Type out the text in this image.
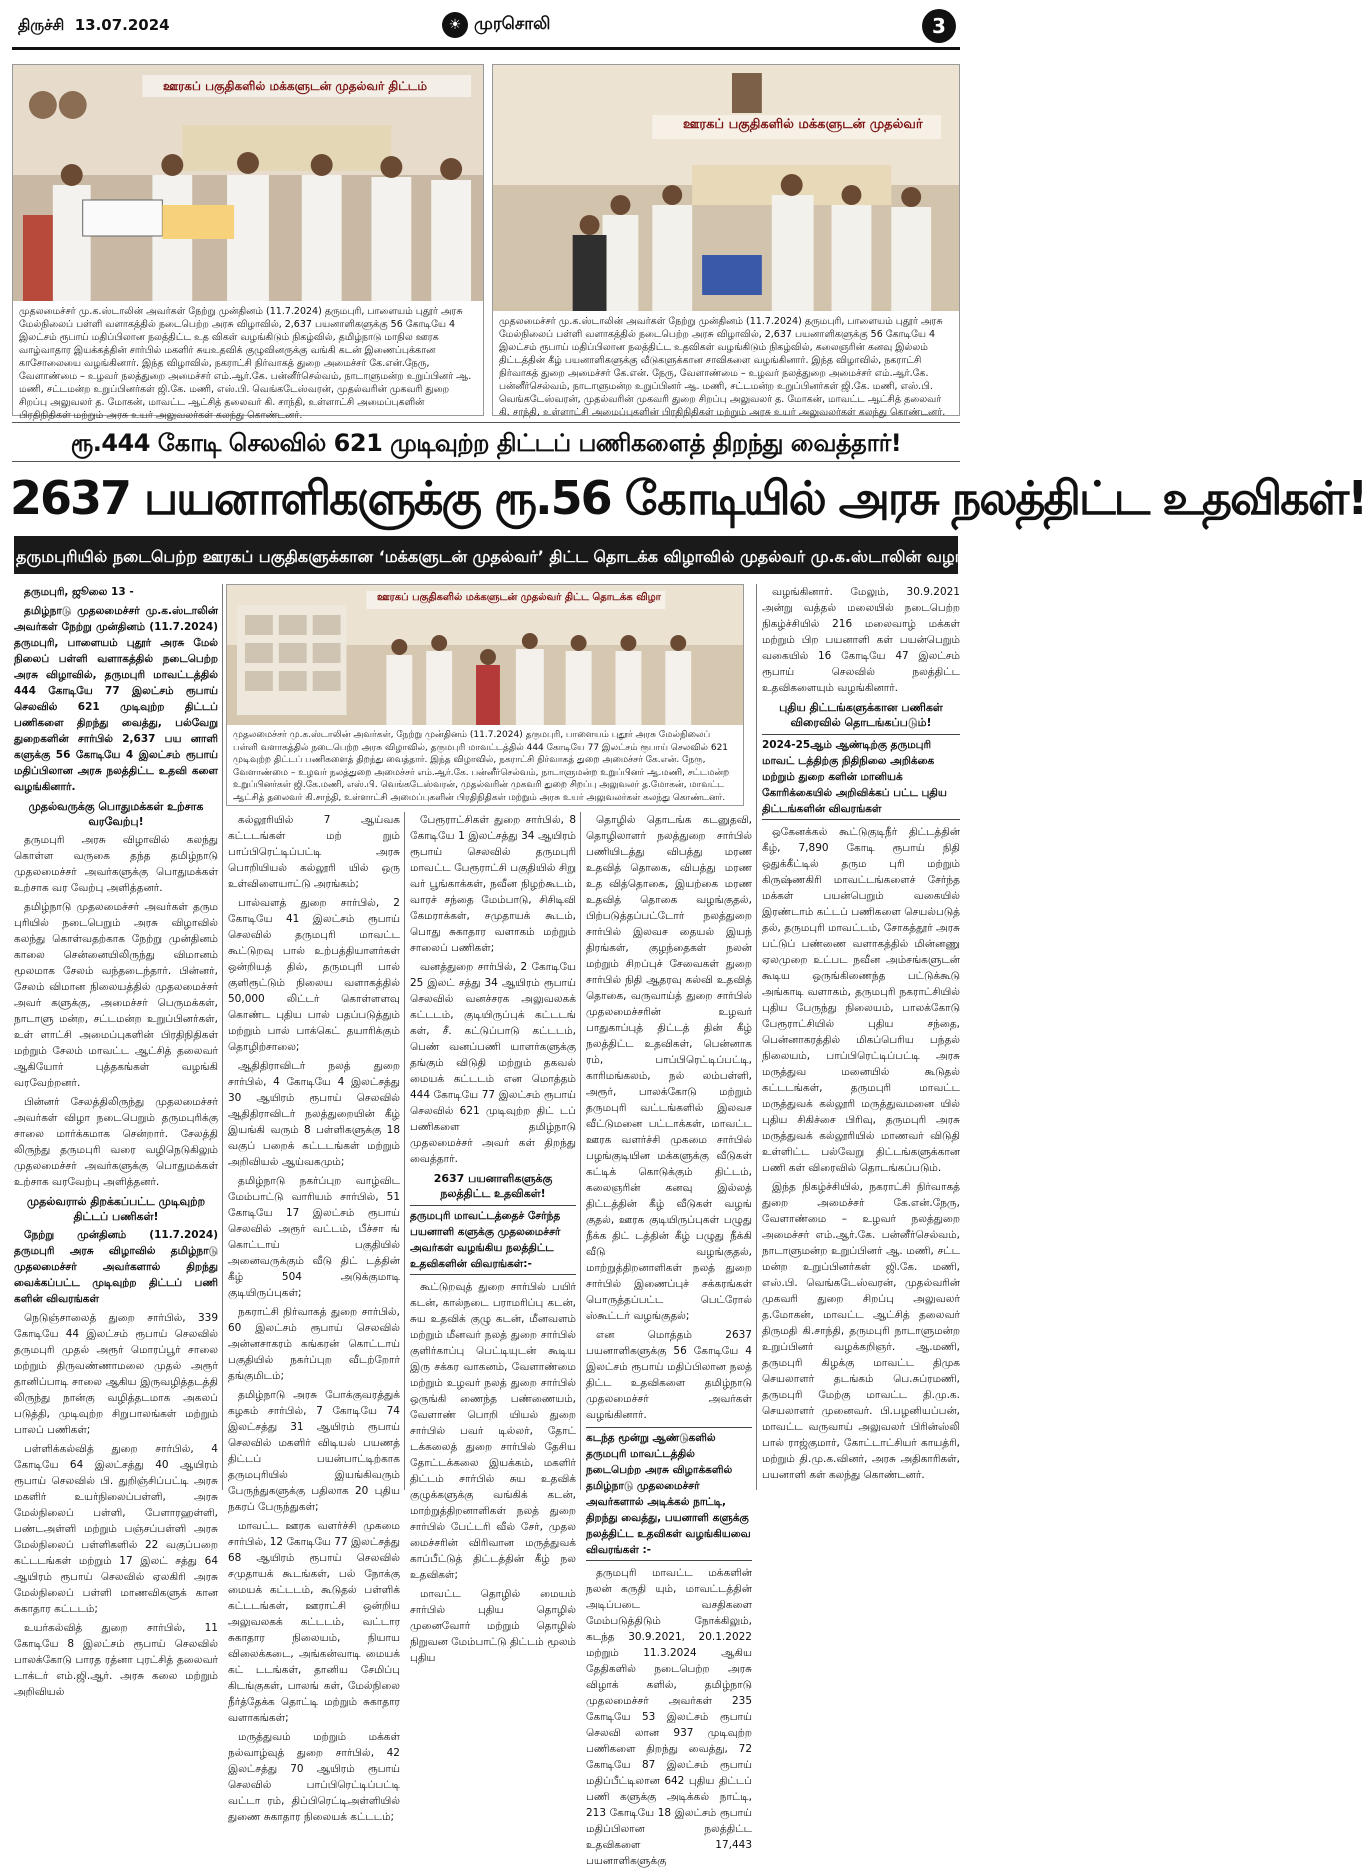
திருச்சி 13.07.2024	☀ முரசொலி	3
ஊரகப் பகுதிகளில் மக்களுடன் முதல்வர் திட்டம்
முதலமைச்சர் மு.க.ஸ்டாலின் அவர்கள் நேற்று முன்தினம் (11.7.2024) தருமபுரி, பாளையம் புதூர் அரசு மேல்நிலைப் பள்ளி வளாகத்தில் நடைபெற்ற அரசு விழாவில், 2,637 பயனாளிகளுக்கு 56 கோடியே 4 இலட்சம் ரூபாய் மதிப்பிலான நலத்திட்ட உத விகள் வழங்கிடும் நிகழ்வில், தமிழ்நாடு மாநில ஊரக வாழ்வாதார இயக்கத்தின் சார்பில் மகளிர் சுயஉதவிக் குழுவினருக்கு வங்கி கடன் இணைப்புக்கான காசோலையை வழங்கினார். இந்த விழாவில், நகராட்சி நிர்வாகத் துறை அமைச்சர் கே.என்.நேரு, வேளாண்மை – உழவர் நலத்துறை அமைச்சர் எம்.ஆர்.கே. பன்னீர்செல்வம், நாடாளுமன்ற உறுப்பினர் ஆ. மணி, சட்டமன்ற உறுப்பினர்கள் ஜி.கே. மணி, எஸ்.பி. வெங்கடேஸ்வரன், முதல்வரின் முகவரி துறை சிறப்பு அலுவலர் த. மோகன், மாவட்ட ஆட்சித் தலைவர் கி. சாந்தி, உள்ளாட்சி அமைப்புகளின் பிரதிநிதிகள் மற்றும் அரசு உயர் அலுவலர்கள் கலந்து கொண்டனர்.
ஊரகப் பகுதிகளில் மக்களுடன் முதல்வர்
முதலமைச்சர் மு.க.ஸ்டாலின் அவர்கள் நேற்று முன்தினம் (11.7.2024) தருமபுரி, பாளையம் புதூர் அரசு மேல்நிலைப் பள்ளி வளாகத்தில் நடைபெற்ற அரசு விழாவில், 2,637 பயனாளிகளுக்கு 56 கோடியே 4 இலட்சம் ரூபாய் மதிப்பிலான நலத்திட்ட உதவிகள் வழங்கிடும் நிகழ்வில், கலைஞரின் கனவு இல்லம் திட்டத்தின் கீழ் பயனாளிகளுக்கு வீடுகளுக்கான சாவிகளை வழங்கினார். இந்த விழாவில், நகராட்சி நிர்வாகத் துறை அமைச்சர் கே.என். நேரு, வேளாண்மை – உழவர் நலத்துறை அமைச்சர் எம்.ஆர்.கே. பன்னீர்செல்வம், நாடாளுமன்ற உறுப்பினர் ஆ. மணி, சட்டமன்ற உறுப்பினர்கள் ஜி.கே. மணி, எஸ்.பி. வெங்கடேஸ்வரன், முதல்வரின் முகவரி துறை சிறப்பு அலுவலர் த. மோகன், மாவட்ட ஆட்சித் தலைவர் கி. சாந்தி, உள்ளாட்சி அமைப்புகளின் பிரதிநிதிகள் மற்றும் அரசு உயர் அலுவலர்கள் கலந்து கொண்டனர்.
ரூ.444 கோடி செலவில் 621 முடிவுற்ற திட்டப் பணிகளைத் திறந்து வைத்தார்!
2637 பயனாளிகளுக்கு ரூ.56 கோடியில் அரசு நலத்திட்ட உதவிகள்!
தருமபுரியில் நடைபெற்ற ஊரகப் பகுதிகளுக்கான ‘மக்களுடன் முதல்வர்’ திட்ட தொடக்க விழாவில் முதல்வர் மு.க.ஸ்டாலின் வழங்கினார்!
ஊரகப் பகுதிகளில் மக்களுடன் முதல்வர் திட்ட தொடக்க விழா
முதலமைச்சர் மு.க.ஸ்டாலின் அவர்கள், நேற்று முன்தினம் (11.7.2024) தருமபுரி, பாளையம் புதூர் அரசு மேல்நிலைப் பள்ளி வளாகத்தில் நடைபெற்ற அரசு விழாவில், தருமபுரி மாவட்டத்தில் 444 கோடியே 77 இலட்சம் ரூபாய் செலவில் 621 முடிவுற்ற திட்டப் பணிகளைத் திறந்து வைத்தார். இந்த விழாவில், நகராட்சி நிர்வாகத் துறை அமைச்சர் கே.என். நேரு, வேளாண்மை – உழவர் நலத்துறை அமைச்சர் எம்.ஆர்.கே. பன்னீர்செல்வம், நாடாளுமன்ற உறுப்பினர் ஆ.மணி, சட்டமன்ற உறுப்பினர்கள் ஜி.கே.மணி, எஸ்.பி. வெங்கடேஸ்வரன், முதல்வரின் முகவரி துறை சிறப்பு அலுவலர் த.மோகன், மாவட்ட ஆட்சித் தலைவர் கி.சாந்தி, உள்ளாட்சி அமைப்புகளின் பிரதிநிதிகள் மற்றும் அரசு உயர் அலுவலர்கள் கலந்து கொண்டனர்.

தருமபுரி, ஜூலை 13 -

தமிழ்நாடு முதலமைச்சர் மு.க.ஸ்டாலின் அவர்கள் நேற்று முன்தினம் (11.7.2024) தருமபுரி, பாளையம் புதூர் அரசு மேல் நிலைப் பள்ளி வளாகத்தில் நடைபெற்ற அரசு விழாவில், தருமபுரி மாவட்டத்தில் 444 கோடியே 77 இலட்சம் ரூபாய் செலவில் 621 முடிவுற்ற திட்டப் பணிகளை திறந்து வைத்து, பல்வேறு துறைகளின் சார்பில் 2,637 பய னாளி களுக்கு 56 கோடியே 4 இலட்சம் ரூபாய் மதிப்பிலான அரசு நலத்திட்ட உதவி களை வழங்கினார்.

முதல்வருக்கு பொதுமக்கள் உற்சாக வரவேற்பு!

தருமபுரி அரசு விழாவில் கலந்து கொள்ள வருகை தந்த தமிழ்நாடு முதலமைச்சர் அவர்களுக்கு பொதுமக்கள் உற்சாக வர வேற்பு அளித்தனர்.

தமிழ்நாடு முதலமைச்சர் அவர்கள் தரும புரியில் நடைபெறும் அரசு விழாவில் கலந்து கொள்வதற்காக நேற்று முன்தினம் காலை சென்னையிலிருந்து விமானம் மூலமாக சேலம் வந்தடைந்தார். பின்னர், சேலம் விமான நிலையத்தில் முதலமைச்சர் அவர் களுக்கு, அமைச்சர் பெருமக்கள், நாடாளு மன்ற, சட்டமன்ற உறுப்பினர்கள், உள் ளாட்சி அமைப்புகளின் பிரதிநிதிகள் மற்றும் சேலம் மாவட்ட ஆட்சித் தலைவர் ஆகியோர் புத்தகங்கள் வழங்கி வரவேற்றனர்.

பின்னர் சேலத்திலிருந்து முதலமைச்சர் அவர்கள் விழா நடைபெறும் தருமபுரிக்கு சாலை மார்க்கமாக சென்றார். சேலத்தி லிருந்து தருமபுரி வரை வழிநெடுகிலும் முதலமைச்சர் அவர்களுக்கு பொதுமக்கள் உற்சாக வரவேற்பு அளித்தனர்.

முதல்வரால் திறக்கப்பட்ட முடிவுற்ற திட்டப் பணிகள்!

நேற்று முன்தினம் (11.7.2024) தருமபுரி அரசு விழாவில் தமிழ்நாடு முதலமைச்சர் அவர்களால் திறந்து வைக்கப்பட்ட முடிவுற்ற திட்டப் பணி களின் விவரங்கள்

நெடுஞ்சாலைத் துறை சார்பில், 339 கோடியே 44 இலட்சம் ரூபாய் செலவில் தருமபுரி முதல் அரூர் மொரப்பூர் சாலை மற்றும் திருவண்ணாமலை முதல் அரூர் தானிப்பாடி சாலை ஆகிய இருவழித்தடத்தி லிருந்து நான்கு வழித்தடமாக அகலப் படுத்தி, முடிவுற்ற சிறுபாலங்கள் மற்றும் பாலப் பணிகள்;

பள்ளிக்கல்வித் துறை சார்பில், 4 கோடியே 64 இலட்சத்து 40 ஆயிரம் ரூபாய் செலவில் பி. துறிஞ்சிப்பட்டி அரசு மகளிர் உயர்நிலைப்பள்ளி, அரசு மேல்நிலைப் பள்ளி, பேளாரஹள்ளி, பண்டஅள்ளி மற்றும் பஞ்சப்பள்ளி அரசு மேல்நிலைப் பள்ளிகளில் 22 வகுப்பறை கட்டடங்கள் மற்றும் 17 இலட் சத்து 64 ஆயிரம் ரூபாய் செலவில் ஏலகிரி அரசு மேல்நிலைப் பள்ளி மாணவிகளுக் கான சுகாதார கட்டடம்;

உயர்கல்வித் துறை சார்பில், 11 கோடியே 8 இலட்சம் ரூபாய் செலவில் பாலக்கோடு பாரத ரத்னா புரட்சித் தலைவர் டாக்டர் எம்.ஜி.ஆர். அரசு கலை மற்றும் அறிவியல்

கல்லூரியில் 7 ஆய்வக கட்டடங்கள் மற் றும் பாப்பிரெட்டிப்பட்டி அரசு பொறியியல் கல்லூரி யில் ஒரு உள்விளையாட்டு அரங்கம்;

பால்வளத் துறை சார்பில், 2 கோடியே 41 இலட்சம் ரூபாய் செலவில் தருமபுரி மாவட்ட கூட்டுறவு பால் உற்பத்தியாளர்கள் ஒன்றியத் தில், தருமபுரி பால் குளிரூட்டும் நிலைய வளாகத்தில் 50,000 லிட்டர் கொள்ளளவு கொண்ட புதிய பால் பதப்படுத்தும் மற்றும் பால் பாக்கெட் தயாரிக்கும் தொழிற்சாலை;

ஆதிதிராவிடர் நலத் துறை சார்பில், 4 கோடியே 4 இலட்சத்து 30 ஆயிரம் ரூபாய் செலவில் ஆதிதிராவிடர் நலத்துறையின் கீழ் இயங்கி வரும் 8 பள்ளிகளுக்கு 18 வகுப் பறைக் கட்டடங்கள் மற்றும் அறிவியல் ஆய்வகமும்;

தமிழ்நாடு நகர்ப்புற வாழ்விட மேம்பாட்டு வாரியம் சார்பில், 51 கோடியே 17 இலட்சம் ரூபாய் செலவில் அரூர் வட்டம், பீச்சா ங் கொட்டாய் பகுதியில் அனைவருக்கும் வீடு திட் டத்தின் கீழ் 504 அடுக்குமாடி குடியிருப்புகள்;

நகராட்சி நிர்வாகத் துறை சார்பில், 60 இலட்சம் ரூபாய் செலவில் அன்னசாகரம் கங்கரன் கொட்டாய் பகுதியில் நகர்ப்புற வீடற்றோர் தங்குமிடம்;

தமிழ்நாடு அரசு போக்குவரத்துக் கழகம் சார்பில், 7 கோடியே 74 இலட்சத்து 31 ஆயிரம் ரூபாய் செலவில் மகளிர் விடியல் பயணத் திட்டப் பயன்பாட்டிற்காக தருமபுரியில் இயங்கிவரும் பேருந்துகளுக்கு பதிலாக 20 புதிய நகரப் பேருந்துகள்;

மாவட்ட ஊரக வளர்ச்சி முகமை சார்பில், 12 கோடியே 77 இலட்சத்து 68 ஆயிரம் ரூபாய் செலவில் சமுதாயக் கூடங்கள், பல் நோக்கு மையக் கட்டடம், கூடுதல் பள்ளிக் கட்டடங்கள், ஊராட்சி ஒன்றிய அலுவலகக் கட்டடம், வட்டார சுகாதார நிலையம், நியாய விலைக்கடை, அங்கன்வாடி மையக் கட் டடங்கள், தானிய சேமிப்பு கிடங்குகள், பாலங் கள், மேல்நிலை நீர்த்தேக்க தொட்டி மற்றும் சுகாதார வளாகங்கள்;

மருத்துவம் மற்றும் மக்கள் நல்வாழ்வுத் துறை சார்பில், 42 இலட்சத்து 70 ஆயிரம் ரூபாய் செலவில் பாப்பிரெட்டிப்பட்டி வட்டா ரம், திப்பிரெட்டிஅள்ளியில் துணை சுகாதார நிலையக் கட்டடம்;

பேரூராட்சிகள் துறை சார்பில், 8 கோடியே 1 இலட்சத்து 34 ஆயிரம் ரூபாய் செலவில் தருமபுரி மாவட்ட பேரூராட்சி பகுதியில் சிறு வர் பூங்காக்கள், நவீன நிழற்கூடம், வாரச் சந்தை மேம்பாடு, சிசிடிவி கேமராக்கள், சமுதாயக் கூடம், பொது சுகாதார வளாகம் மற்றும் சாலைப் பணிகள்;

வனத்துறை சார்பில், 2 கோடியே 25 இலட் சத்து 34 ஆயிரம் ரூபாய் செலவில் வனச்சரக அலுவலகக் கட்டடம், குடியிருப்புக் கட்டடங் கள், சீ. கட்டுப்பாடு கட்டடம், பெண் வனப்பணி யாளர்களுக்கு தங்கும் விடுதி மற்றும் தகவல் மையக் கட்டடம் என மொத்தம் 444 கோடியே 77 இலட்சம் ரூபாய் செலவில் 621 முடிவுற்ற திட் டப் பணிகளை தமிழ்நாடு முதலமைச்சர் அவர் கள் திறந்து வைத்தார்.

2637 பயனாளிகளுக்கு நலத்திட்ட உதவிகள்!
தருமபுரி மாவட்டத்தைச் சேர்ந்த பயனாளி களுக்கு முதலமைச்சர் அவர்கள் வழங்கிய நலத்திட்ட உதவிகளின் விவரங்கள்:-

கூட்டுறவுத் துறை சார்பில் பயிர் கடன், கால்நடை பராமரிப்பு கடன், சுய உதவிக் குழு கடன், மீனவளம் மற்றும் மீனவர் நலத் துறை சார்பில் குளிர்காப்பு பெட்டியுடன் கூடிய இரு சக்கர வாகனம், வேளாண்மை மற்றும் உழவர் நலத் துறை சார்பில் ஒருங்கி ணைந்த பண்ணையம், வேளாண் பொறி யியல் துறை சார்பில் பவர் டில்லர், தோட் டக்கலைத் துறை சார்பில் தேசிய தோட்டக்கலை இயக்கம், மகளிர் திட்டம் சார்பில் சுய உதவிக் குழுக்களுக்கு வங்கிக் கடன், மாற்றுத்திறனாளிகள் நலத் துறை சார்பில் பேட்டரி வீல் சேர், முதல மைச்சரின் விரிவான மருத்துவக் காப்பீட்டுத் திட்டத்தின் கீழ் நல உதவிகள்;

மாவட்ட தொழில் மையம் சார்பில் புதிய தொழில் முனைவோர் மற்றும் தொழில் நிறுவன மேம்பாட்டு திட்டம் மூலம் புதிய

தொழில் தொடங்க கடனுதவி, தொழிலாளர் நலத்துறை சார்பில் பணியிடத்து விபத்து மரண உதவித் தொகை, விபத்து மரண உத வித்தொகை, இயற்கை மரண உதவித் தொகை வழங்குதல், பிற்படுத்தப்பட்டோர் நலத்துறை சார்பில் இலவச தையல் இயந் திரங்கள், குழந்தைகள் நலன் மற்றும் சிறப்புச் சேவைகள் துறை சார்பில் நிதி ஆதரவு கல்வி உதவித் தொகை, வருவாய்த் துறை சார்பில் முதலமைச்சரின் உழவர் பாதுகாப்புத் திட்டத் தின் கீழ் நலத்திட்ட உதவிகள், பென்னாக ரம், பாப்பிரெட்டிப்பட்டி, காரிமங்கலம், நல் லம்பள்ளி, அரூர், பாலக்கோடு மற்றும் தருமபுரி வட்டங்களில் இலவச வீட்டுமனை பட்டாக்கள், மாவட்ட ஊரக வளர்ச்சி முகமை சார்பில் பழங்குடியின மக்களுக்கு வீடுகள் கட்டிக் கொடுக்கும் திட்டம், கலைஞரின் கனவு இல்லத் திட்டத்தின் கீழ் வீடுகள் வழங் குதல், ஊரக குடியிருப்புகள் பழுது நீக்க திட் டத்தின் கீழ் பழுது நீக்கி வீடு வழங்குதல், மாற்றுத்திறனாளிகள் நலத் துறை சார்பில் இணைப்புச் சக்கரங்கள் பொருத்தப்பட்ட பெட்ரோல் ஸ்கூட்டர் வழங்குதல்;

என மொத்தம் 2637 பயனாளிகளுக்கு 56 கோடியே 4 இலட்சம் ரூபாய் மதிப்பிலான நலத் திட்ட உதவிகளை தமிழ்நாடு முதலமைச்சர் அவர்கள் வழங்கினார்.

கடந்த மூன்று ஆண்டுகளில் தருமபுரி மாவட்டத்தில் நடைபெற்ற அரசு விழாக்களில் தமிழ்நாடு முதலமைச்சர் அவர்களால் அடிக்கல் நாட்டி, திறந்து வைத்து, பயனாளி களுக்கு நலத்திட்ட உதவிகள் வழங்கியவை விவரங்கள் :-

தருமபுரி மாவட்ட மக்களின் நலன் கருதி யும், மாவட்டத்தின் அடிப்படை வசதிகளை மேம்படுத்திடும் நோக்கிலும், கடந்த 30.9.2021, 20.1.2022 மற்றும் 11.3.2024 ஆகிய தேதிகளில் நடைபெற்ற அரசு விழாக் களில், தமிழ்நாடு முதலமைச்சர் அவர்கள் 235 கோடியே 53 இலட்சம் ரூபாய் செலவி லான 937 முடிவுற்ற பணிகளை திறந்து வைத்து, 72 கோடியே 87 இலட்சம் ரூபாய் மதிப்பீட்டிலான 642 புதிய திட்டப் பணி களுக்கு அடிக்கல் நாட்டி, 213 கோடியே 18 இலட்சம் ரூபாய் மதிப்பிலான நலத்திட்ட உதவிகளை 17,443 பயனாளிகளுக்கு

வழங்கினார். மேலும், 30.9.2021 அன்று வத்தல் மலையில் நடைபெற்ற நிகழ்ச்சியில் 216 மலைவாழ் மக்கள் மற்றும் பிற பயனாளி கள் பயன்பெறும் வகையில் 16 கோடியே 47 இலட்சம் ரூபாய் செலவில் நலத்திட்ட உதவிகளையும் வழங்கினார்.

புதிய திட்டங்களுக்கான பணிகள் விரைவில் தொடங்கப்படும்!
2024-25ஆம் ஆண்டிற்கு தருமபுரி மாவட் டத்திற்கு நிதிநிலை அறிக்கை மற்றும் துறை களின் மானியக் கோரிக்கையில் அறிவிக்கப் பட்ட புதிய திட்டங்களின் விவரங்கள்

ஒகேனக்கல் கூட்டுகுடிநீர் திட்டத்தின் கீழ், 7,890 கோடி ரூபாய் நிதி ஒதுக்கீட்டில் தரும புரி மற்றும் கிருஷ்ணகிரி மாவட்டங்களைச் சேர்ந்த மக்கள் பயன்பெறும் வகையில் இரண்டாம் கட்டப் பணிகளை செயல்படுத் தல், தருமபுரி மாவட்டம், சோகத்தூர் அரசு பட்டுப் பண்ணை வளாகத்தில் மின்னணு ஏலமுறை உட்பட நவீன அம்சங்களுடன் கூடிய ஒருங்கிணைந்த பட்டுக்கூடு அங்காடி வளாகம், தருமபுரி நகராட்சியில் புதிய பேருந்து நிலையம், பாலக்கோடு பேரூராட்சியில் புதிய சந்தை, பென்னாகரத்தில் மிகப்பெரிய பந்தல் நிலையம், பாப்பிரெட்டிப்பட்டி அரசு மருத்துவ மனையில் கூடுதல் கட்டடங்கள், தருமபுரி மாவட்ட மருத்துவக் கல்லூரி மருத்துவமனை யில் புதிய சிகிச்சை பிரிவு, தருமபுரி அரசு மருத்துவக் கல்லூரியில் மாணவர் விடுதி உள்ளிட்ட பல்வேறு திட்டங்களுக்கான பணி கள் விரைவில் தொடங்கப்படும்.

இந்த நிகழ்ச்சியில், நகராட்சி நிர்வாகத் துறை அமைச்சர் கே.என்.நேரு, வேளாண்மை – உழவர் நலத்துறை அமைச்சர் எம்.ஆர்.கே. பன்னீர்செல்வம், நாடாளுமன்ற உறுப்பினர் ஆ. மணி, சட்ட மன்ற உறுப்பினர்கள் ஜி.கே. மணி, எஸ்.பி. வெங்கடேஸ்வரன், முதல்வரின் முகவரி துறை சிறப்பு அலுவலர் த.மோகன், மாவட்ட ஆட்சித் தலைவர் திருமதி கி.சாந்தி, தருமபுரி நாடாளுமன்ற உறுப்பினர் வழக்கறிஞர். ஆ.மணி, தருமபுரி கிழக்கு மாவட்ட திமுக செயலாளர் தடங்கம் பெ.சுப்ரமணி, தருமபுரி மேற்கு மாவட்ட தி.மு.க. செயலாளர் முனைவர். பி.பழனியப்பன், மாவட்ட வருவாய் அலுவலர் பிரின்ஸ்லி பால் ராஜ்குமார், கோட்டாட்சியர் காயத்ரி, மற்றும் தி.மு.க.வினர், அரசு அதிகாரிகள், பயனாளி கள் கலந்து கொண்டனர்.
